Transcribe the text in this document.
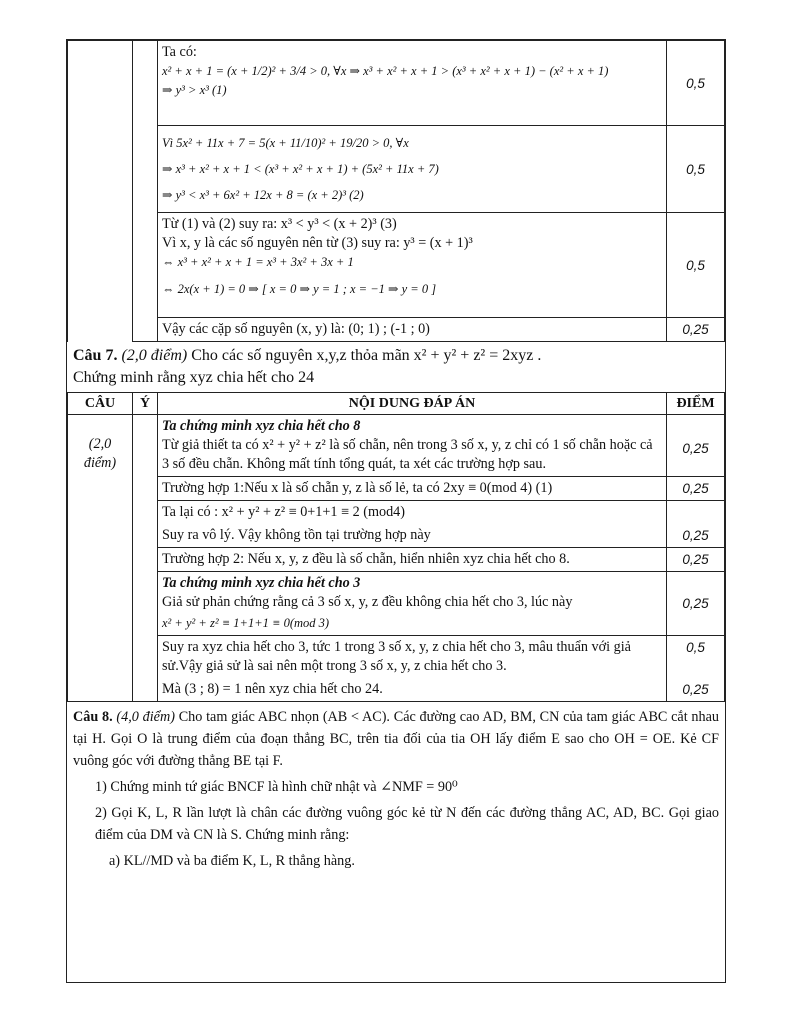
		Ta có:
x² + x + 1 = (x + 1/2)² + 3/4 > 0, ∀x ⇒ x³ + x² + x + 1 > (x³ + x² + x + 1) − (x² + x + 1)
⇒ y³ > x³ (1)	0,5

		Vì 5x² + 11x + 7 = 5(x + 11/10)² + 19/20 > 0, ∀x
⇒ x³ + x² + x + 1 < (x³ + x² + x + 1) + (5x² + 11x + 7)
⇒ y³ < x³ + 6x² + 12x + 8 = (x + 2)³ (2)	0,5

		Từ (1) và (2) suy ra: x³ < y³ < (x + 2)³ (3)
Vì x, y là các số nguyên nên từ (3) suy ra: y³ = (x + 1)³
⇔ x³ + x² + x + 1 = x³ + 3x² + 3x + 1
⇔ 2x(x + 1) = 0 ⇒ [ x = 0 ⇒ y = 1 ; x = −1 ⇒ y = 0 ]	0,5

		Vậy các cặp số nguyên (x, y) là: (0; 1) ; (-1 ; 0)	0,25
Câu 7. (2,0 điểm) Cho các số nguyên x,y,z thỏa mãn x² + y² + z² = 2xyz .
Chứng minh rằng xyz chia hết cho 24
CÂU	Ý	NỘI DUNG ĐÁP ÁN	ĐIỂM

(2,0 điểm)		Ta chứng minh xyz chia hết cho 8
Từ giả thiết ta có x² + y² + z² là số chẵn, nên trong 3 số x, y, z chỉ có 1 số chẵn hoặc cả 3 số đều chẵn. Không mất tính tổng quát, ta xét các trường hợp sau.	0,25

		Trường hợp 1:Nếu x là số chẵn y, z là số lẻ, ta có 2xy ≡ 0(mod 4) (1)	0,25

		Ta lại có : x² + y² + z² ≡ 0+1+1 ≡ 2 (mod4)
Suy ra vô lý. Vậy không tồn tại trường hợp này	0,25

		Trường hợp 2: Nếu x, y, z đều là số chẵn, hiển nhiên xyz chia hết cho 8.	0,25

		Ta chứng minh xyz chia hết cho 3
Giả sử phản chứng rằng cả 3 số x, y, z đều không chia hết cho 3, lúc này
x² + y² + z² ≡ 1+1+1 ≡ 0(mod 3)	0,25

		Suy ra xyz chia hết cho 3, tức 1 trong 3 số x, y, z chia hết cho 3, mâu thuẩn với giả sử.Vậy giả sử là sai nên một trong 3 số x, y, z chia hết cho 3.	0,5

		Mà (3 ; 8) = 1 nên xyz chia hết cho 24.	0,25

Câu 8. (4,0 điểm) Cho tam giác ABC nhọn (AB < AC). Các đường cao AD, BM, CN của tam giác ABC cắt nhau tại H. Gọi O là trung điểm của đoạn thẳng BC, trên tia đối của tia OH lấy điểm E sao cho OH = OE. Kẻ CF vuông góc với đường thẳng BE tại F.

1) Chứng minh tứ giác BNCF là hình chữ nhật và ∠NMF = 90⁰

2) Gọi K, L, R lần lượt là chân các đường vuông góc kẻ từ N đến các đường thẳng AC, AD, BC. Gọi giao điểm của DM và CN là S. Chứng minh rằng:

a) KL//MD và ba điểm K, L, R thẳng hàng.
